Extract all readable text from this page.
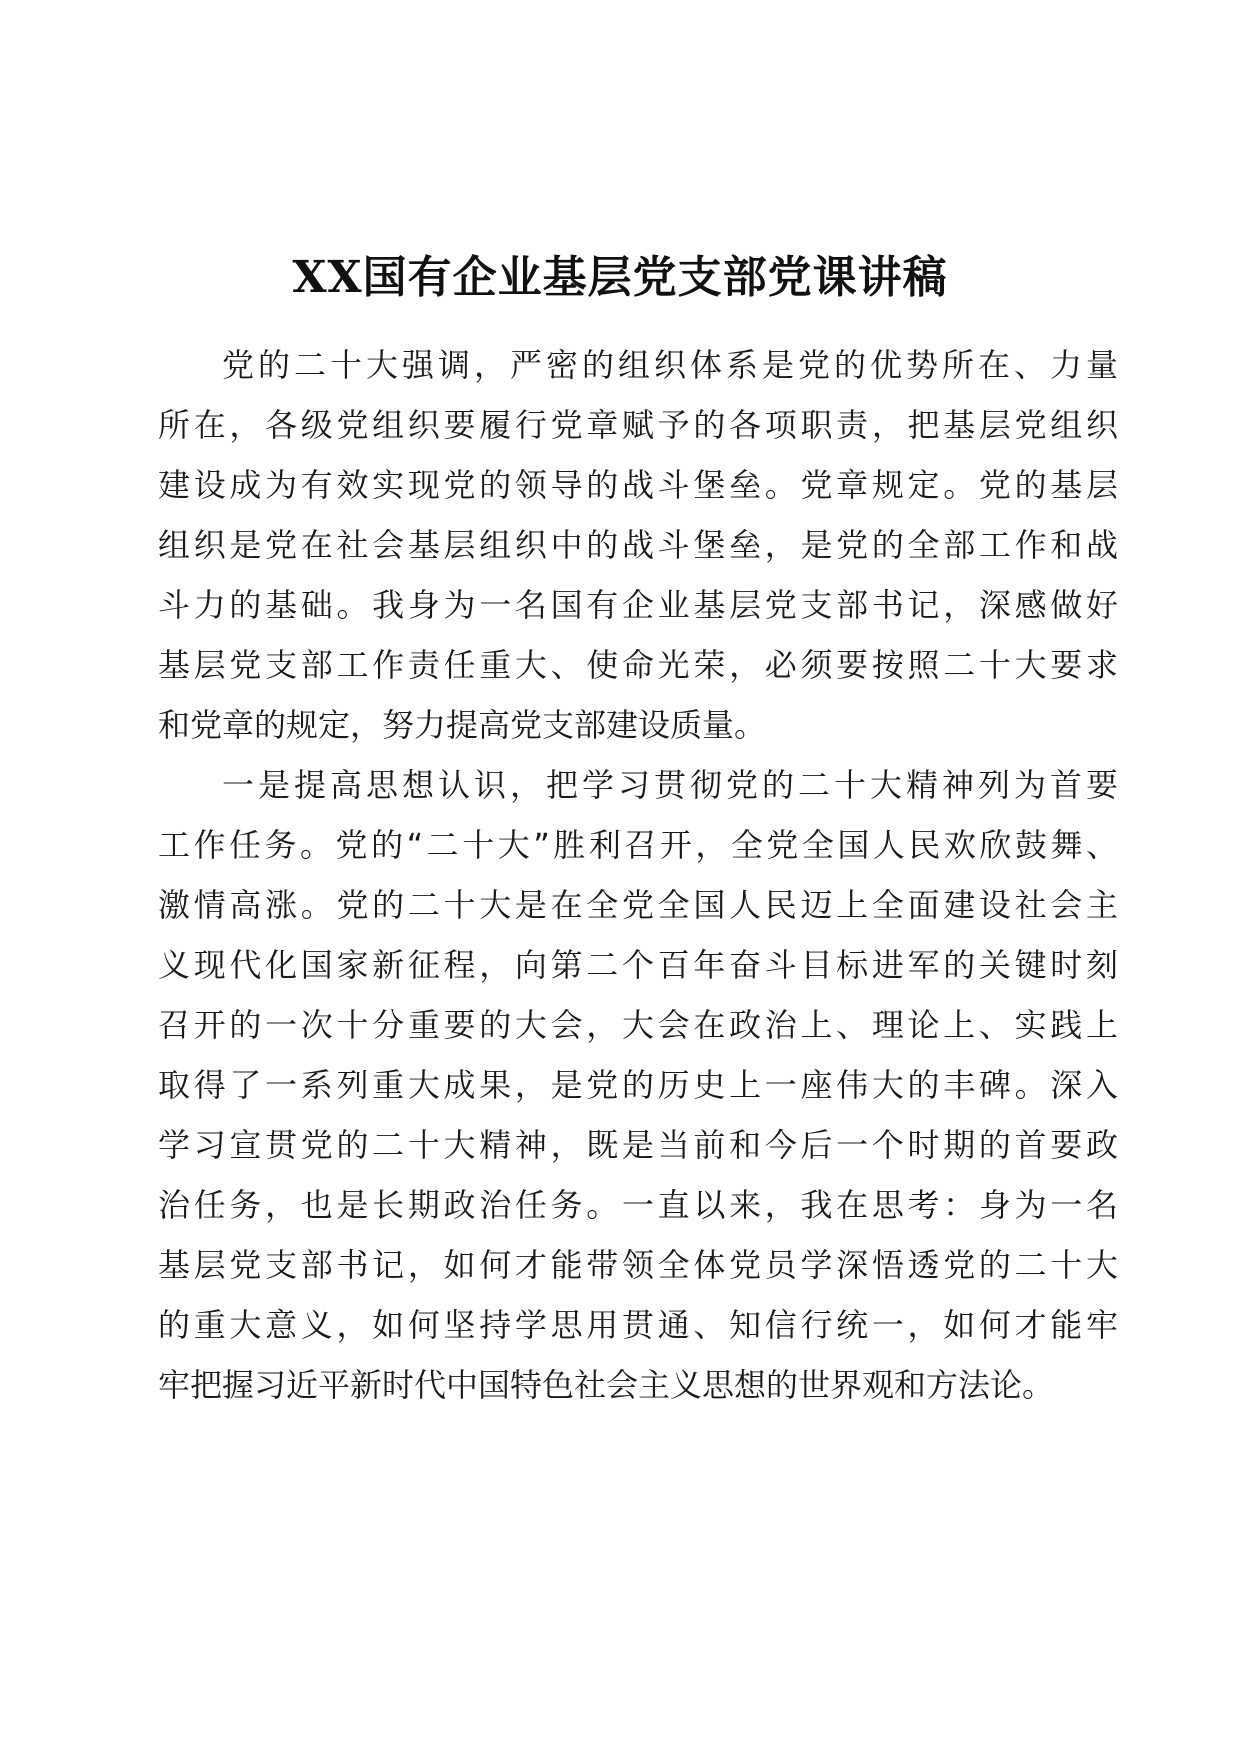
XX国有企业基层党支部党课讲稿
党的二十大强调，严密的组织体系是党的优势所在、力量
所在，各级党组织要履行党章赋予的各项职责，把基层党组织
建设成为有效实现党的领导的战斗堡垒。党章规定。党的基层
组织是党在社会基层组织中的战斗堡垒，是党的全部工作和战
斗力的基础。我身为一名国有企业基层党支部书记，深感做好
基层党支部工作责任重大、使命光荣，必须要按照二十大要求
和党章的规定，努力提高党支部建设质量。
一是提高思想认识，把学习贯彻党的二十大精神列为首要
工作任务。党的“二十大”胜利召开，全党全国人民欢欣鼓舞、
激情高涨。党的二十大是在全党全国人民迈上全面建设社会主
义现代化国家新征程，向第二个百年奋斗目标进军的关键时刻
召开的一次十分重要的大会，大会在政治上、理论上、实践上
取得了一系列重大成果，是党的历史上一座伟大的丰碑。深入
学习宣贯党的二十大精神，既是当前和今后一个时期的首要政
治任务，也是长期政治任务。一直以来，我在思考：身为一名
基层党支部书记，如何才能带领全体党员学深悟透党的二十大
的重大意义，如何坚持学思用贯通、知信行统一，如何才能牢
牢把握习近平新时代中国特色社会主义思想的世界观和方法论。
